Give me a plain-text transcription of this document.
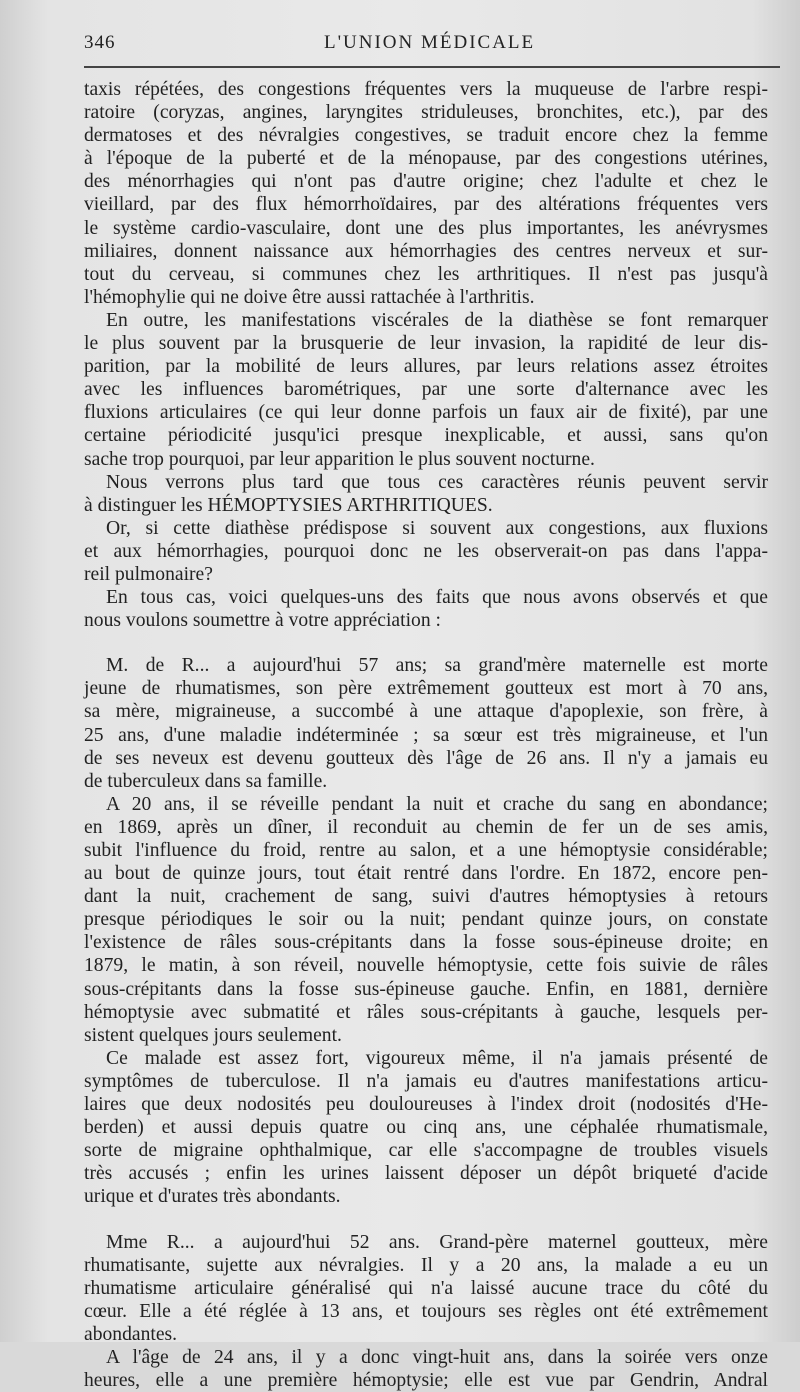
346	L'UNION MÉDICALE
taxis répétées, des congestions fréquentes vers la muqueuse de l'arbre respi-
ratoire (coryzas, angines, laryngites striduleuses, bronchites, etc.), par des
dermatoses et des névralgies congestives, se traduit encore chez la femme
à l'époque de la puberté et de la ménopause, par des congestions utérines,
des ménorrhagies qui n'ont pas d'autre origine; chez l'adulte et chez le
vieillard, par des flux hémorrhoïdaires, par des altérations fréquentes vers
le système cardio-vasculaire, dont une des plus importantes, les anévrysmes
miliaires, donnent naissance aux hémorrhagies des centres nerveux et sur-
tout du cerveau, si communes chez les arthritiques. Il n'est pas jusqu'à
l'hémophylie qui ne doive être aussi rattachée à l'arthritis.
En outre, les manifestations viscérales de la diathèse se font remarquer
le plus souvent par la brusquerie de leur invasion, la rapidité de leur dis-
parition, par la mobilité de leurs allures, par leurs relations assez étroites
avec les influences barométriques, par une sorte d'alternance avec les
fluxions articulaires (ce qui leur donne parfois un faux air de fixité), par une
certaine périodicité jusqu'ici presque inexplicable, et aussi, sans qu'on
sache trop pourquoi, par leur apparition le plus souvent nocturne.
Nous verrons plus tard que tous ces caractères réunis peuvent servir
à distinguer les HÉMOPTYSIES ARTHRITIQUES.
Or, si cette diathèse prédispose si souvent aux congestions, aux fluxions
et aux hémorrhagies, pourquoi donc ne les observerait-on pas dans l'appa-
reil pulmonaire?
En tous cas, voici quelques-uns des faits que nous avons observés et que
nous voulons soumettre à votre appréciation :
M. de R... a aujourd'hui 57 ans; sa grand'mère maternelle est morte
jeune de rhumatismes, son père extrêmement goutteux est mort à 70 ans,
sa mère, migraineuse, a succombé à une attaque d'apoplexie, son frère, à
25 ans, d'une maladie indéterminée ; sa sœur est très migraineuse, et l'un
de ses neveux est devenu goutteux dès l'âge de 26 ans. Il n'y a jamais eu
de tuberculeux dans sa famille.
A 20 ans, il se réveille pendant la nuit et crache du sang en abondance;
en 1869, après un dîner, il reconduit au chemin de fer un de ses amis,
subit l'influence du froid, rentre au salon, et a une hémoptysie considérable;
au bout de quinze jours, tout était rentré dans l'ordre. En 1872, encore pen-
dant la nuit, crachement de sang, suivi d'autres hémoptysies à retours
presque périodiques le soir ou la nuit; pendant quinze jours, on constate
l'existence de râles sous-crépitants dans la fosse sous-épineuse droite; en
1879, le matin, à son réveil, nouvelle hémoptysie, cette fois suivie de râles
sous-crépitants dans la fosse sus-épineuse gauche. Enfin, en 1881, dernière
hémoptysie avec submatité et râles sous-crépitants à gauche, lesquels per-
sistent quelques jours seulement.
Ce malade est assez fort, vigoureux même, il n'a jamais présenté de
symptômes de tuberculose. Il n'a jamais eu d'autres manifestations articu-
laires que deux nodosités peu douloureuses à l'index droit (nodosités d'He-
berden) et aussi depuis quatre ou cinq ans, une céphalée rhumatismale,
sorte de migraine ophthalmique, car elle s'accompagne de troubles visuels
très accusés ; enfin les urines laissent déposer un dépôt briqueté d'acide
urique et d'urates très abondants.
Mme R... a aujourd'hui 52 ans. Grand-père maternel goutteux, mère
rhumatisante, sujette aux névralgies. Il y a 20 ans, la malade a eu un
rhumatisme articulaire généralisé qui n'a laissé aucune trace du côté du
cœur. Elle a été réglée à 13 ans, et toujours ses règles ont été extrêmement
abondantes.
A l'âge de 24 ans, il y a donc vingt-huit ans, dans la soirée vers onze
heures, elle a une première hémoptysie; elle est vue par Gendrin, Andral
